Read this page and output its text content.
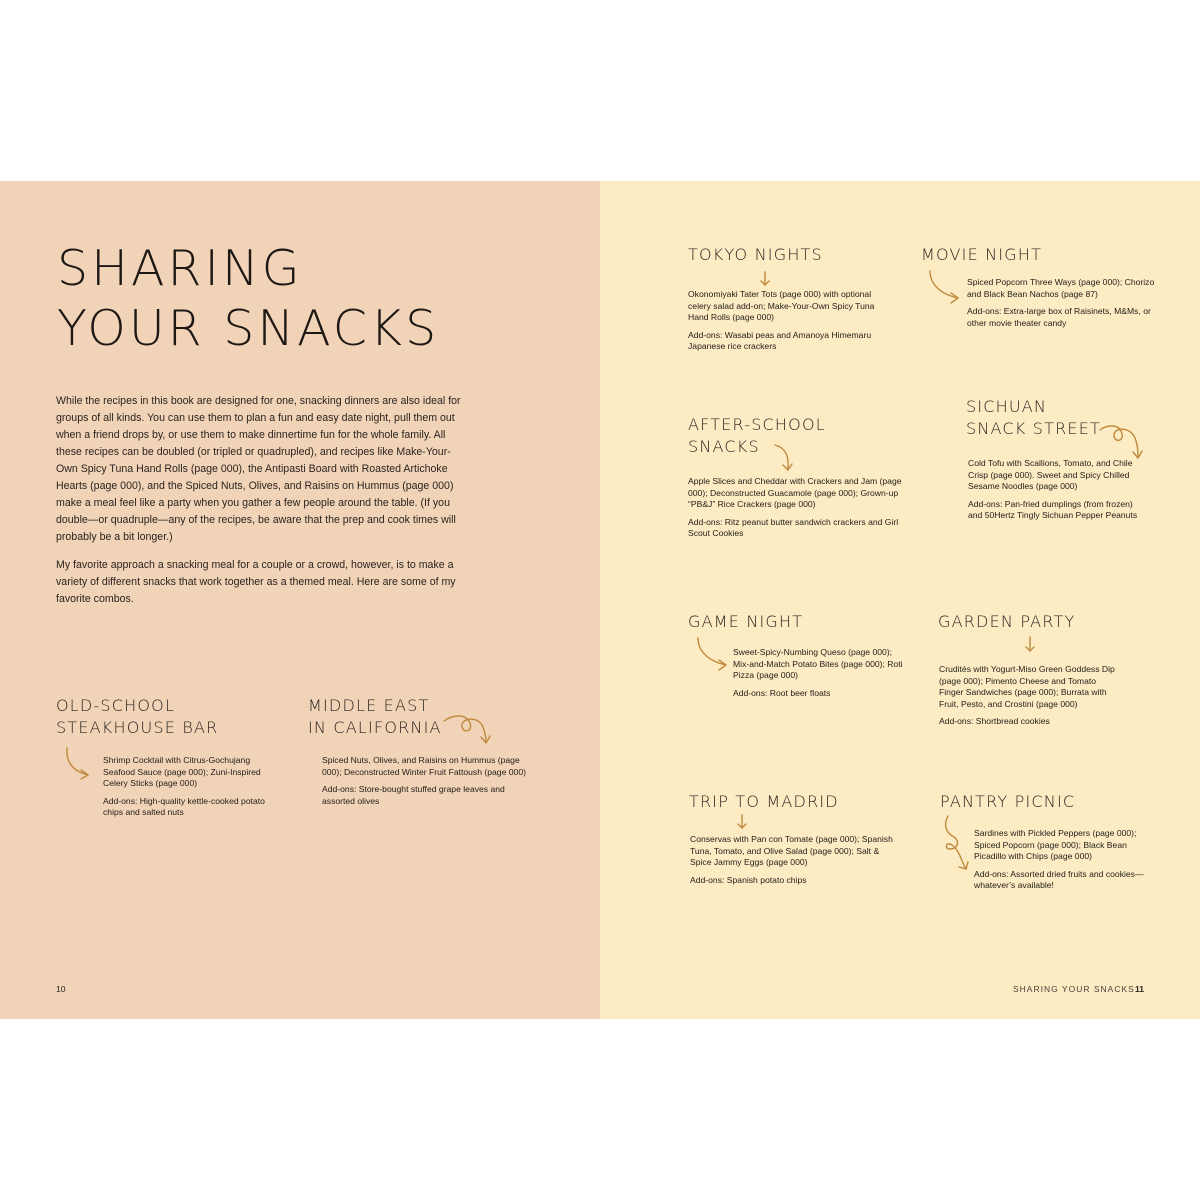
SHARING
YOUR SNACKS

While the recipes in this book are designed for one, snacking dinners are also ideal for groups of all kinds. You can use them to plan a fun and easy date night, pull them out when a friend drops by, or use them to make dinnertime fun for the whole family. All these recipes can be doubled (or tripled or quadrupled), and recipes like Make-Your-Own Spicy Tuna Hand Rolls (page 000), the Antipasti Board with Roasted Artichoke Hearts (page 000), and the Spiced Nuts, Olives, and Raisins on Hummus (page 000) make a meal feel like a party when you gather a few people around the table. (If you double—or quadruple—any of the recipes, be aware that the prep and cook times will probably be a bit longer.)

My favorite approach a snacking meal for a couple or a crowd, however, is to make a variety of different snacks that work together as a themed meal. Here are some of my favorite combos.

OLD-SCHOOL
STEAKHOUSE BAR

Shrimp Cocktail with Citrus-Gochujang Seafood Sauce (page 000); Zuni-Inspired Celery Sticks (page 000)

Add-ons: High-quality kettle-cooked potato chips and salted nuts

MIDDLE EAST
IN CALIFORNIA

Spiced Nuts, Olives, and Raisins on Hummus (page 000); Deconstructed Winter Fruit Fattoush (page 000)

Add-ons: Store-bought stuffed grape leaves and assorted olives

10
TOKYO NIGHTS

Okonomiyaki Tater Tots (page 000) with optional celery salad add-on; Make-Your-Own Spicy Tuna Hand Rolls (page 000)

Add-ons: Wasabi peas and Amanoya Himemaru Japanese rice crackers

MOVIE NIGHT

Spiced Popcorn Three Ways (page 000); Chorizo and Black Bean Nachos (page 87)

Add-ons: Extra-large box of Raisinets, M&Ms, or other movie theater candy

AFTER-SCHOOL
SNACKS

Apple Slices and Cheddar with Crackers and Jam (page 000); Deconstructed Guacamole (page 000); Grown-up “PB&J” Rice Crackers (page 000)

Add-ons: Ritz peanut butter sandwich crackers and Girl Scout Cookies

SICHUAN
SNACK STREET

Cold Tofu with Scallions, Tomato, and Chile Crisp (page 000). Sweet and Spicy Chilled Sesame Noodles (page 000)

Add-ons: Pan-fried dumplings (from frozen) and 50Hertz Tingly Sichuan Pepper Peanuts

GAME NIGHT

Sweet-Spicy-Numbing Queso (page 000); Mix-and-Match Potato Bites (page 000); Roti Pizza (page 000)

Add-ons: Root beer floats

GARDEN PARTY

Crudités with Yogurt-Miso Green Goddess Dip (page 000); Pimento Cheese and Tomato Finger Sandwiches (page 000); Burrata with Fruit, Pesto, and Crostini (page 000)

Add-ons: Shortbread cookies

TRIP TO MADRID

Conservas with Pan con Tomate (page 000); Spanish Tuna, Tomato, and Olive Salad (page 000); Salt & Spice Jammy Eggs (page 000)

Add-ons: Spanish potato chips

PANTRY PICNIC

Sardines with Pickled Peppers (page 000); Spiced Popcorn (page 000); Black Bean Picadillo with Chips (page 000)

Add-ons: Assorted dried fruits and cookies—whatever’s available!

SHARING YOUR SNACKS 11
